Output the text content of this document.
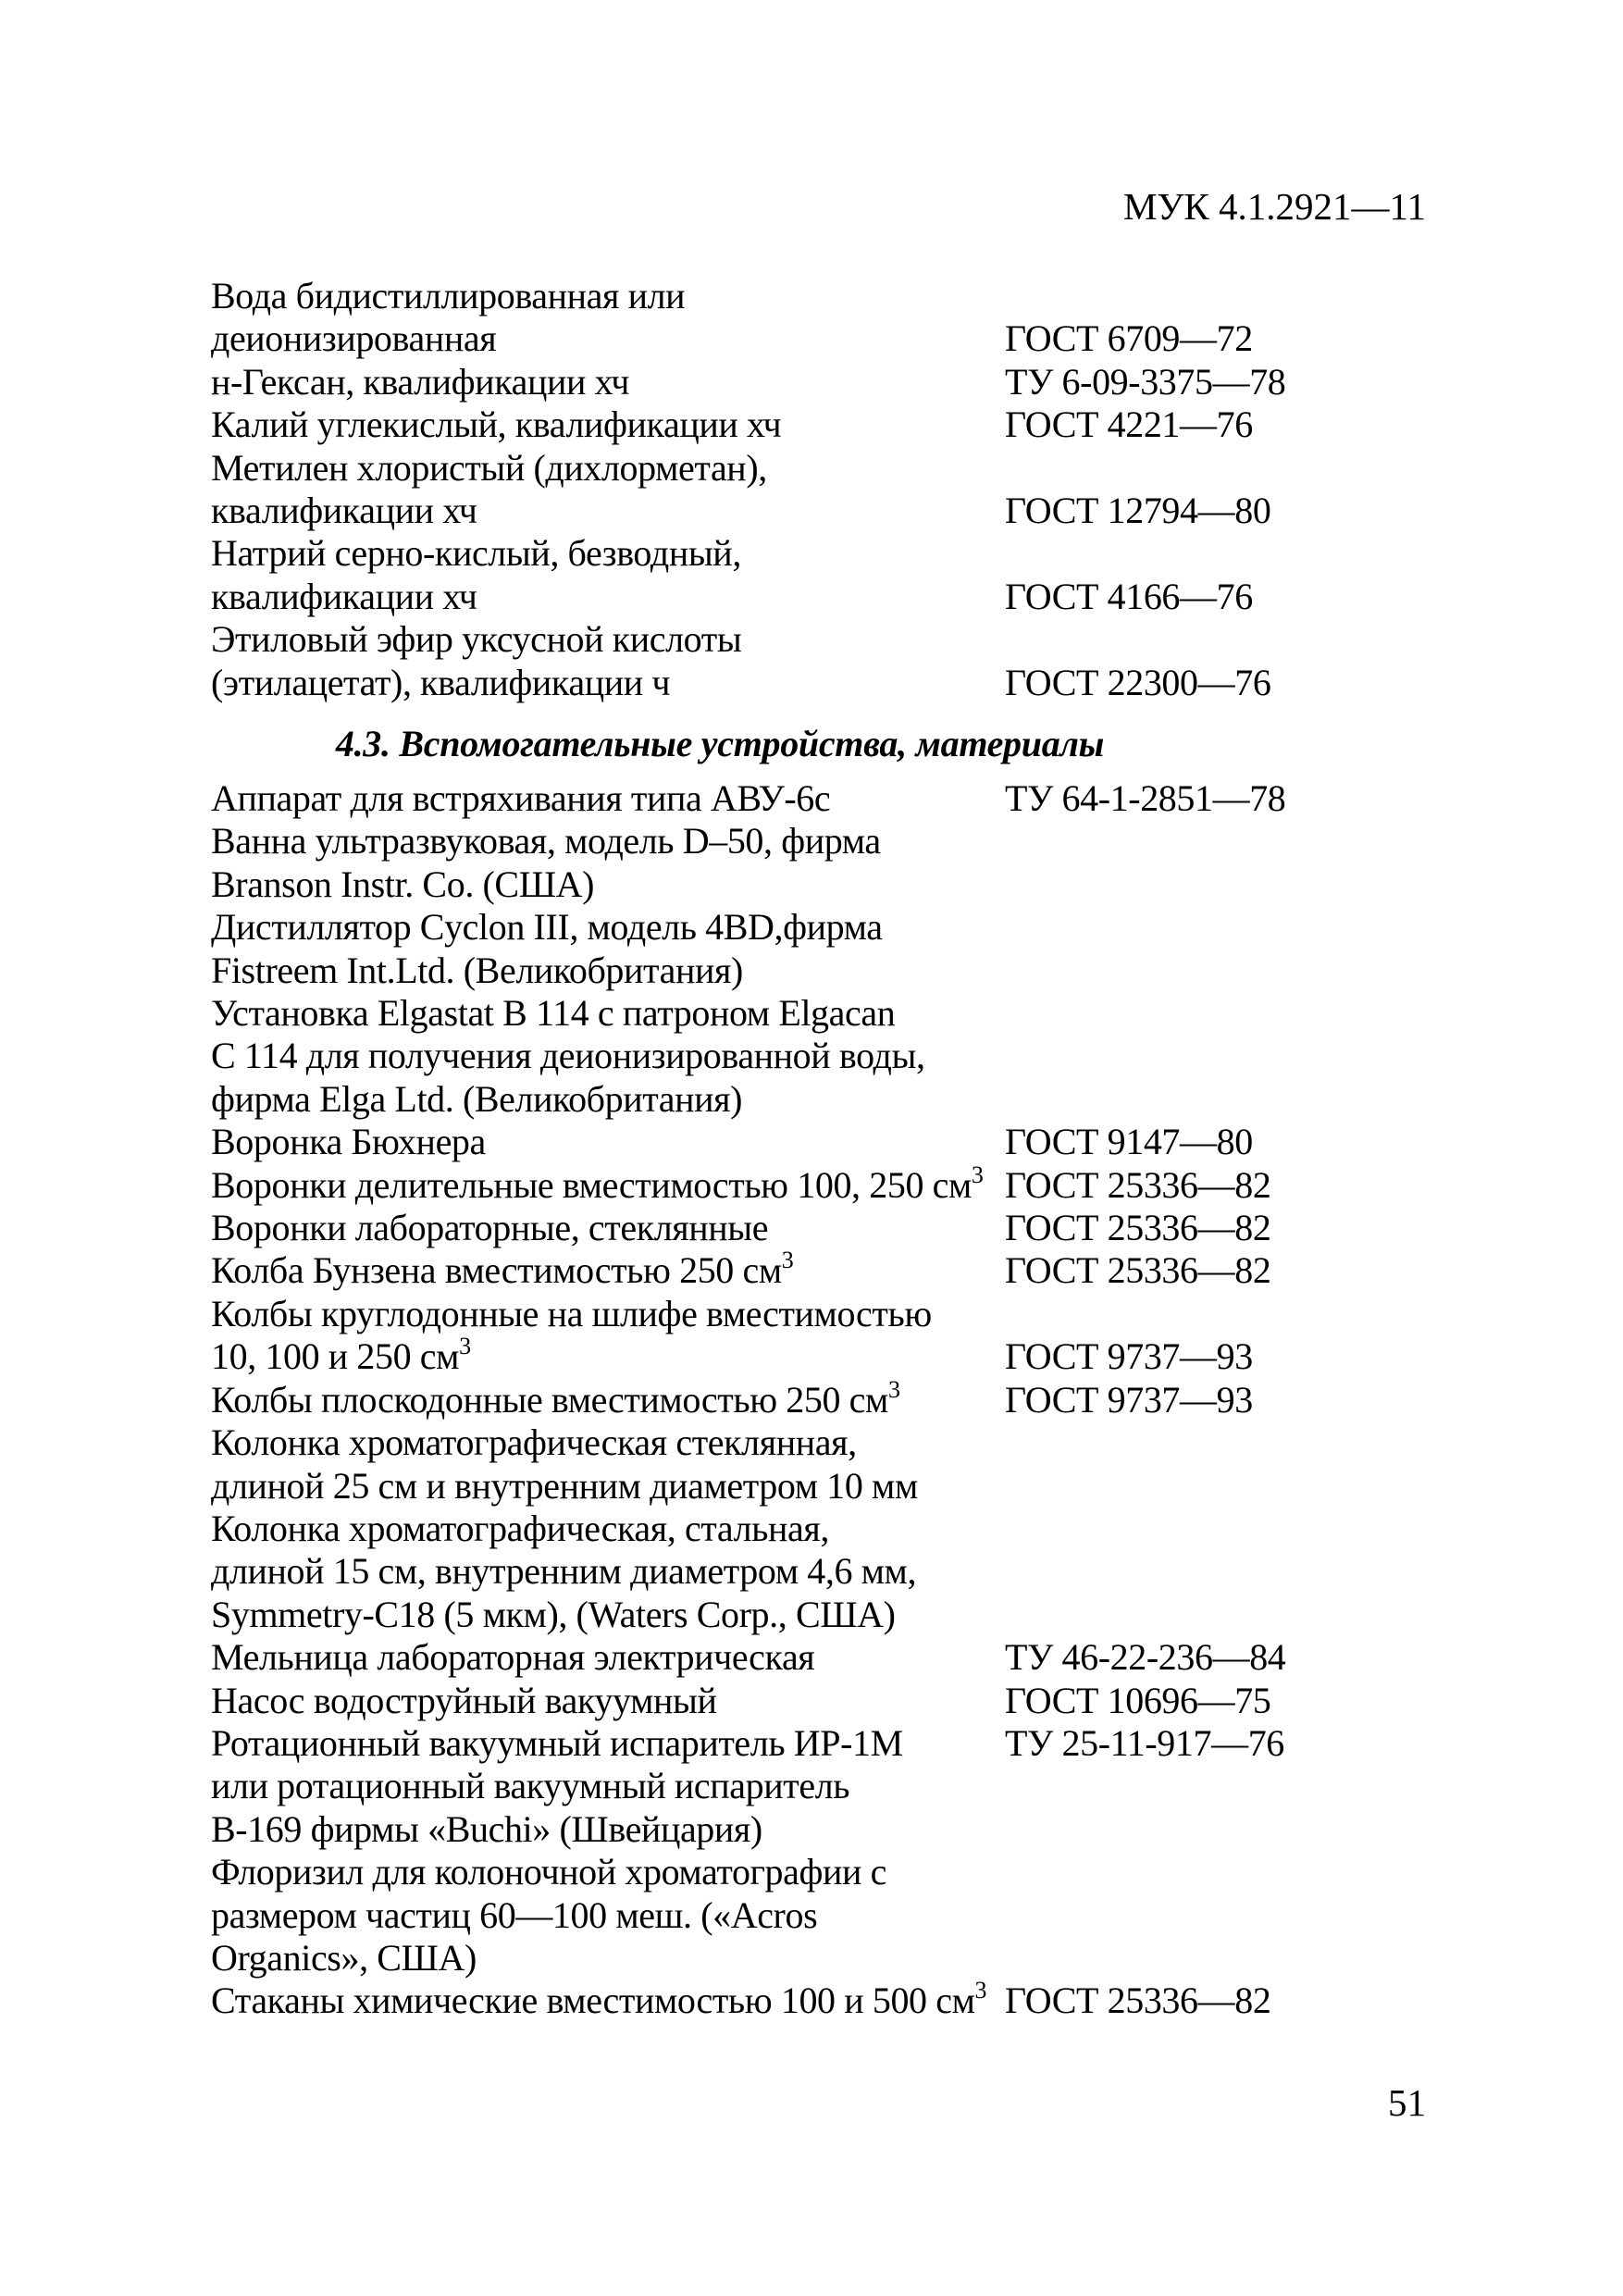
МУК 4.1.2921—11
Вода бидистиллированная или
деионизированная	ГОСТ 6709—72
н-Гексан, квалификации хч	ТУ 6-09-3375—78
Калий углекислый, квалификации хч	ГОСТ 4221—76
Метилен хлористый (дихлорметан),
квалификации хч	ГОСТ 12794—80
Натрий серно-кислый, безводный,
квалификации хч	ГОСТ 4166—76
Этиловый эфир уксусной кислоты
(этилацетат), квалификации ч	ГОСТ 22300—76
4.3. Вспомогательные устройства, материалы
Аппарат для встряхивания типа АВУ-6с	ТУ 64-1-2851—78
Ванна ультразвуковая, модель D–50, фирма
Branson Instr. Co. (США)
Дистиллятор Cyclon III, модель 4BD,фирма
Fistreem Int.Ltd. (Великобритания)
Установка Elgastat B 114 с патроном Elgacan
C 114 для получения деионизированной воды,
фирма Elga Ltd. (Великобритания)
Воронка Бюхнера	ГОСТ 9147—80
Воронки делительные вместимостью 100, 250 $см^3$ ГОСТ 25336—82
Воронки лабораторные, стеклянные	ГОСТ 25336—82
Колба Бунзена вместимостью 250 $см^3$	ГОСТ 25336—82
Колбы круглодонные на шлифе вместимостью
10, 100 и 250 $см^3$	ГОСТ 9737—93
Колбы плоскодонные вместимостью 250 $см^3$	ГОСТ 9737—93
Колонка хроматографическая стеклянная,
длиной 25 см и внутренним диаметром 10 мм
Колонка хроматографическая, стальная,
длиной 15 см, внутренним диаметром 4,6 мм,
Symmetry-C18 (5 мкм), (Waters Corp., США)
Мельница лабораторная электрическая	ТУ 46-22-236—84
Насос водоструйный вакуумный	ГОСТ 10696—75
Ротационный вакуумный испаритель ИР-1М	ТУ 25-11-917—76
или ротационный вакуумный испаритель
B-169 фирмы «Buchi» (Швейцария)
Флоризил для колоночной хроматографии с
размером частиц 60—100 меш. («Acros
Organics», США)
Стаканы химические вместимостью 100 и 500 $см^3$ ГОСТ 25336—82
51
